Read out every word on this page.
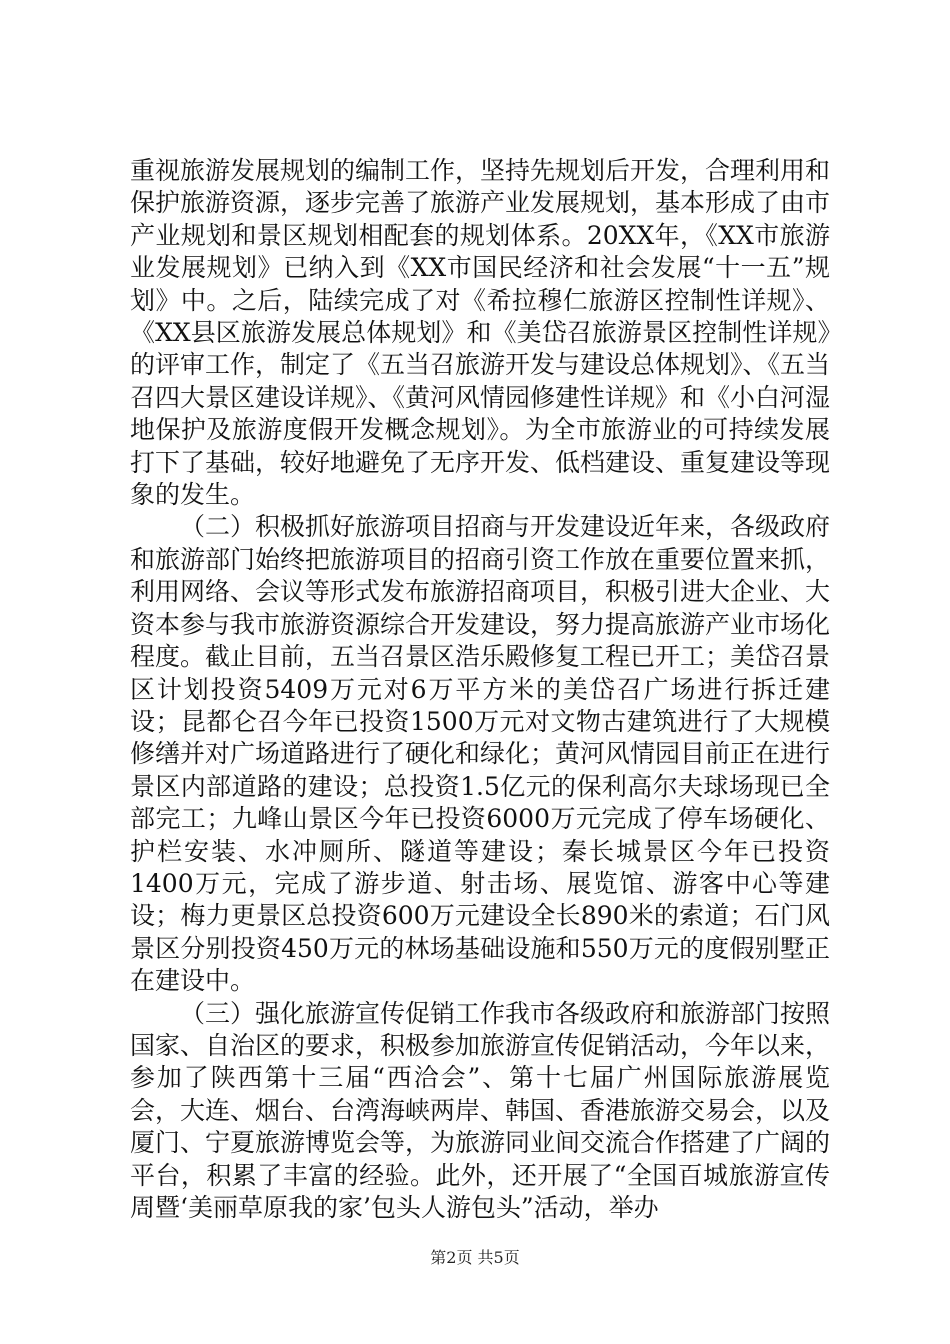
重视旅游发展规划的编制工作，坚持先规划后开发，合理利用和保护旅游资源，逐步完善了旅游产业发展规划，基本形成了由市产业规划和景区规划相配套的规划体系。20XX年，《XX市旅游业发展规划》已纳入到《XX市国民经济和社会发展“十一五”规划》中。之后，陆续完成了对《希拉穆仁旅游区控制性详规》、《XX县区旅游发展总体规划》和《美岱召旅游景区控制性详规》的评审工作，制定了《五当召旅游开发与建设总体规划》、《五当召四大景区建设详规》、《黄河风情园修建性详规》和《小白河湿地保护及旅游度假开发概念规划》。为全市旅游业的可持续发展打下了基础，较好地避免了无序开发、低档建设、重复建设等现象的发生。

（二）积极抓好旅游项目招商与开发建设近年来，各级政府和旅游部门始终把旅游项目的招商引资工作放在重要位置来抓，利用网络、会议等形式发布旅游招商项目，积极引进大企业、大资本参与我市旅游资源综合开发建设，努力提高旅游产业市场化程度。截止目前，五当召景区浩乐殿修复工程已开工；美岱召景区计划投资5409万元对6万平方米的美岱召广场进行拆迁建设；昆都仑召今年已投资1500万元对文物古建筑进行了大规模修缮并对广场道路进行了硬化和绿化；黄河风情园目前正在进行景区内部道路的建设；总投资1.5亿元的保利高尔夫球场现已全部完工；九峰山景区今年已投资6000万元完成了停车场硬化、护栏安装、水冲厕所、隧道等建设；秦长城景区今年已投资1400万元，完成了游步道、射击场、展览馆、游客中心等建设；梅力更景区总投资600万元建设全长890米的索道；石门风景区分别投资450万元的林场基础设施和550万元的度假别墅正在建设中。

（三）强化旅游宣传促销工作我市各级政府和旅游部门按照国家、自治区的要求，积极参加旅游宣传促销活动，今年以来，参加了陕西第十三届“西洽会”、第十七届广州国际旅游展览会，大连、烟台、台湾海峡两岸、韩国、香港旅游交易会，以及厦门、宁夏旅游博览会等，为旅游同业间交流合作搭建了广阔的平台，积累了丰富的经验。此外，还开展了“全国百城旅游宣传周暨‘美丽草原我的家’包头人游包头”活动，举办

第2页 共5页
